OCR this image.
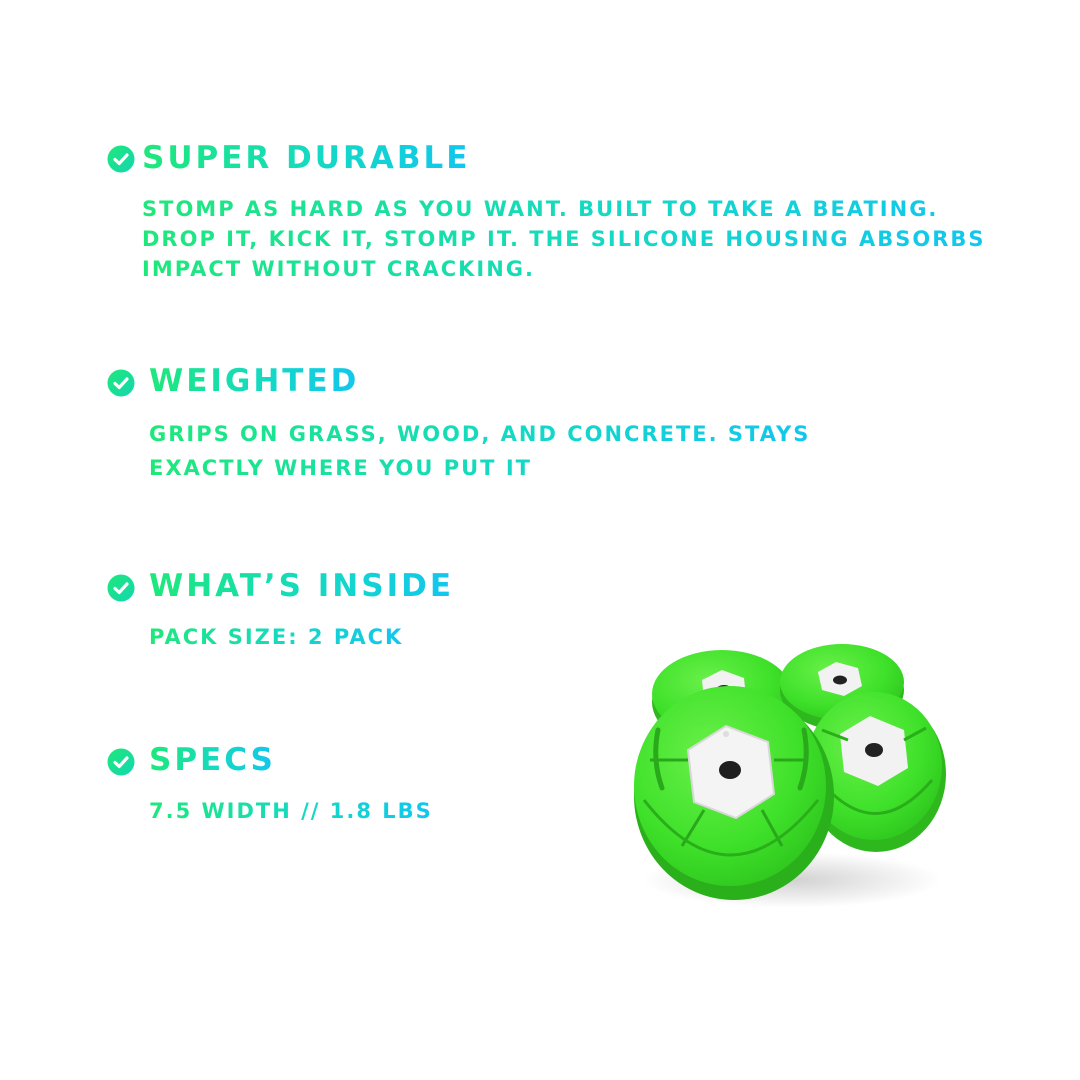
SUPER DURABLE
STOMP AS HARD AS YOU WANT. BUILT TO TAKE A BEATING.
DROP IT, KICK IT, STOMP IT. THE SILICONE HOUSING ABSORBS
IMPACT WITHOUT CRACKING.
WEIGHTED
GRIPS ON GRASS, WOOD, AND CONCRETE. STAYS
EXACTLY WHERE YOU PUT IT
WHAT’S INSIDE
PACK SIZE: 2 PACK
SPECS
7.5 WIDTH // 1.8 LBS
